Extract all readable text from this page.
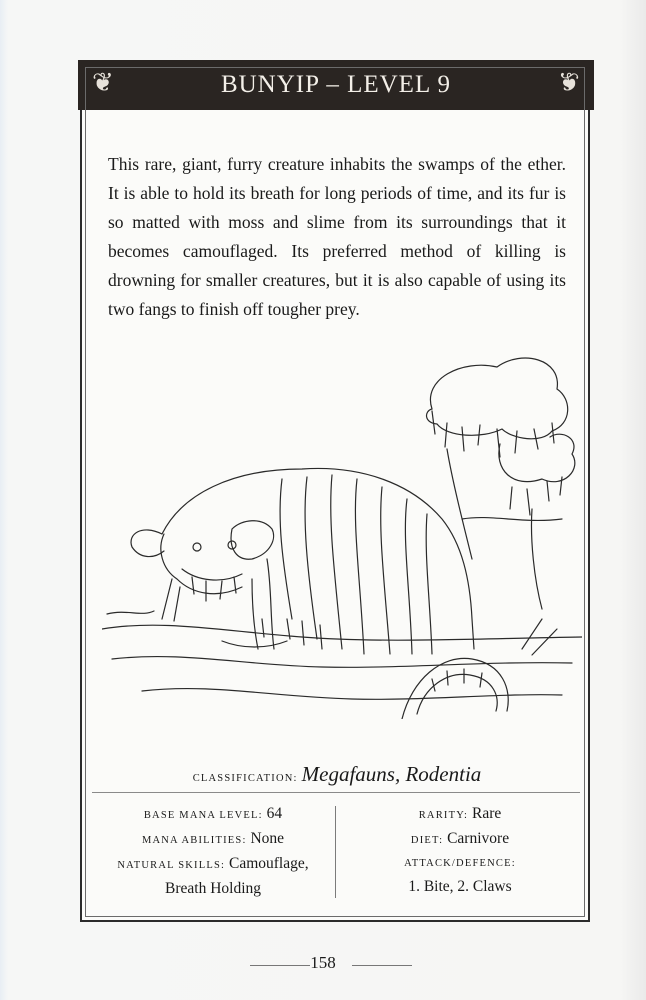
❦	BUNYIP – LEVEL 9	❦

This rare, giant, furry creature inhabits the swamps of the ether. It is able to hold its breath for long periods of time, and its fur is so matted with moss and slime from its surroundings that it becomes camouflaged. Its preferred method of killing is drowning for smaller creatures, but it is also capable of using its two fangs to finish off tougher prey.

CLASSIFICATION: Megafauns, Rodentia
BASE MANA LEVEL: 64
MANA ABILITIES: None
NATURAL SKILLS: Camouflage,
Breath Holding
RARITY: Rare
DIET: Carnivore
ATTACK/DEFENCE:
1. Bite, 2. Claws
158
